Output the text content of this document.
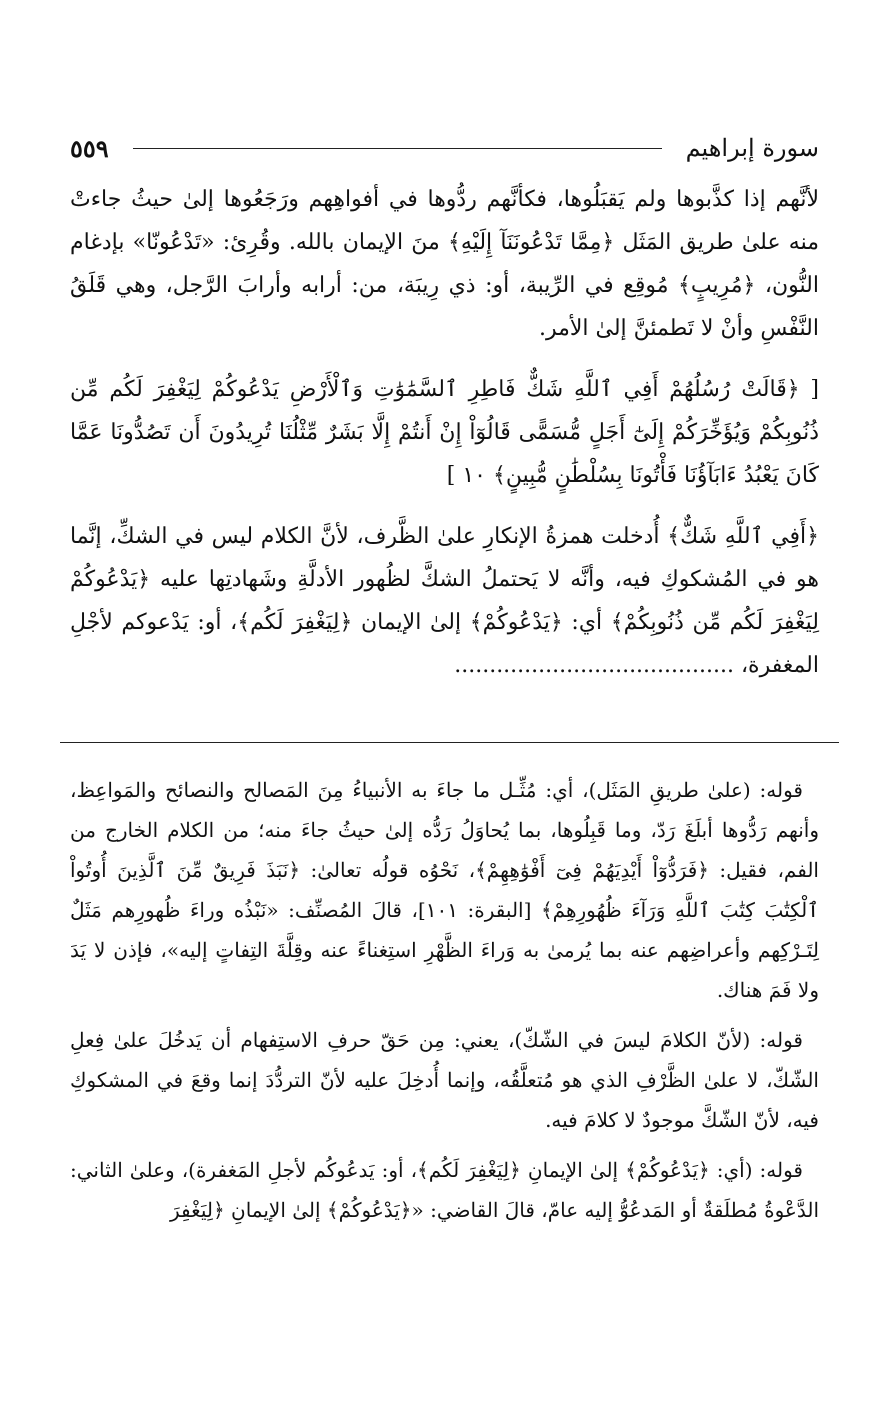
سورة إبراهيم
٥٥٩

لأنَّهم إذا كذَّبوها ولم يَقبَلُوها، فكأنَّهم ردُّوها في أفواهِهم ورَجَعُوها إلىٰ حيثُ جاءتْ منه علىٰ طريق المَثَل ﴿مِمَّا تَدْعُونَنَآ إِلَيْهِ﴾ منَ الإيمان بالله. وقُرِئ: «تَدْعُونّا» بإدغام النُّون، ﴿مُرِيبٍ﴾ مُوقِع في الرِّيبة، أو: ذي رِيبَة، من: أرابه وأرابَ الرَّجل، وهي قَلَقُ النَّفْسِ وأنْ لا تَطمئنَّ إلىٰ الأمر.

[ ﴿قَالَتْ رُسُلُهُمْ أَفِي ٱللَّهِ شَكٌّ فَاطِرِ ٱلسَّمَٰوَٰتِ وَٱلْأَرْضِ يَدْعُوكُمْ لِيَغْفِرَ لَكُم مِّن ذُنُوبِكُمْ وَيُؤَخِّرَكُمْ إِلَىٰٓ أَجَلٍ مُّسَمًّى قَالُوٓاْ إِنْ أَنتُمْ إِلَّا بَشَرٌ مِّثْلُنَا تُرِيدُونَ أَن تَصُدُّونَا عَمَّا كَانَ يَعْبُدُ ءَابَآؤُنَا فَأْتُونَا بِسُلْطَٰنٍ مُّبِينٍ﴾ ١٠ ]

﴿أَفِي ٱللَّهِ شَكٌّ﴾ أُدخلت همزةُ الإنكارِ علىٰ الظَّرف، لأنَّ الكلام ليس في الشكِّ، إنَّما هو في المُشكوكِ فيه، وأنَّه لا يَحتملُ الشكَّ لظُهور الأدلَّةِ وشَهادتِها عليه ﴿يَدْعُوكُمْ لِيَغْفِرَ لَكُم مِّن ذُنُوبِكُمْ﴾ أي: ﴿يَدْعُوكُمْ﴾ إلىٰ الإيمان ﴿لِيَغْفِرَ لَكُم﴾، أو: يَدْعوكم لأجْلِ المغفرة، ........................................

قوله: (علىٰ طريقِ المَثَل)، أي: مُثِّـل ما جاءَ به الأنبياءُ مِنَ المَصالح والنصائح والمَواعِظ، وأنهم رَدُّوها أبلَغَ رَدّ، وما قَبِلُوها، بما يُحاوَلُ رَدُّه إلىٰ حيثُ جاءَ منه؛ من الكلام الخارج من الفم، فقيل: ﴿فَرَدُّوٓاْ أَيْدِيَهُمْ فِىٓ أَفْوَٰهِهِمْ﴾، نَحْوُه قولُه تعالىٰ: ﴿نَبَذَ فَرِيقٌ مِّنَ ٱلَّذِينَ أُوتُواْ ٱلْكِتَٰبَ كِتَٰبَ ٱللَّهِ وَرَآءَ ظُهُورِهِمْ﴾ [البقرة: ١٠١]، قالَ المُصنِّف: «نَبْذُه وراءَ ظُهورِهم مَثَلٌ لِتَـرْكِهم وأعراضِهم عنه بما يُرمىٰ به وَراءَ الظَّهْرِ استِغناءً عنه وقِلَّةَ التِفاتٍ إليه»، فإذن لا يَدَ ولا فَمَ هناك.

قوله: (لأنّ الكلامَ ليسَ في الشّكّ)، يعني: مِن حَقّ حرفِ الاستِفهام أن يَدخُلَ علىٰ فِعلِ الشّكّ، لا علىٰ الظَّرْفِ الذي هو مُتعلَّقُه، وإنما أُدخِلَ عليه لأنّ التردُّدَ إنما وقعَ في المشكوكِ فيه، لأنّ الشّكَّ موجودٌ لا كلامَ فيه.

قوله: (أي: ﴿يَدْعُوكُمْ﴾ إلىٰ الإيمانِ ﴿لِيَغْفِرَ لَكُم﴾، أو: يَدعُوكُم لأجلِ المَغفرة)، وعلىٰ الثاني: الدَّعْوةُ مُطلَقةٌ أو المَدعُوُّ إليه عامّ، قالَ القاضي: «﴿يَدْعُوكُمْ﴾ إلىٰ الإيمانِ ﴿لِيَغْفِرَ
